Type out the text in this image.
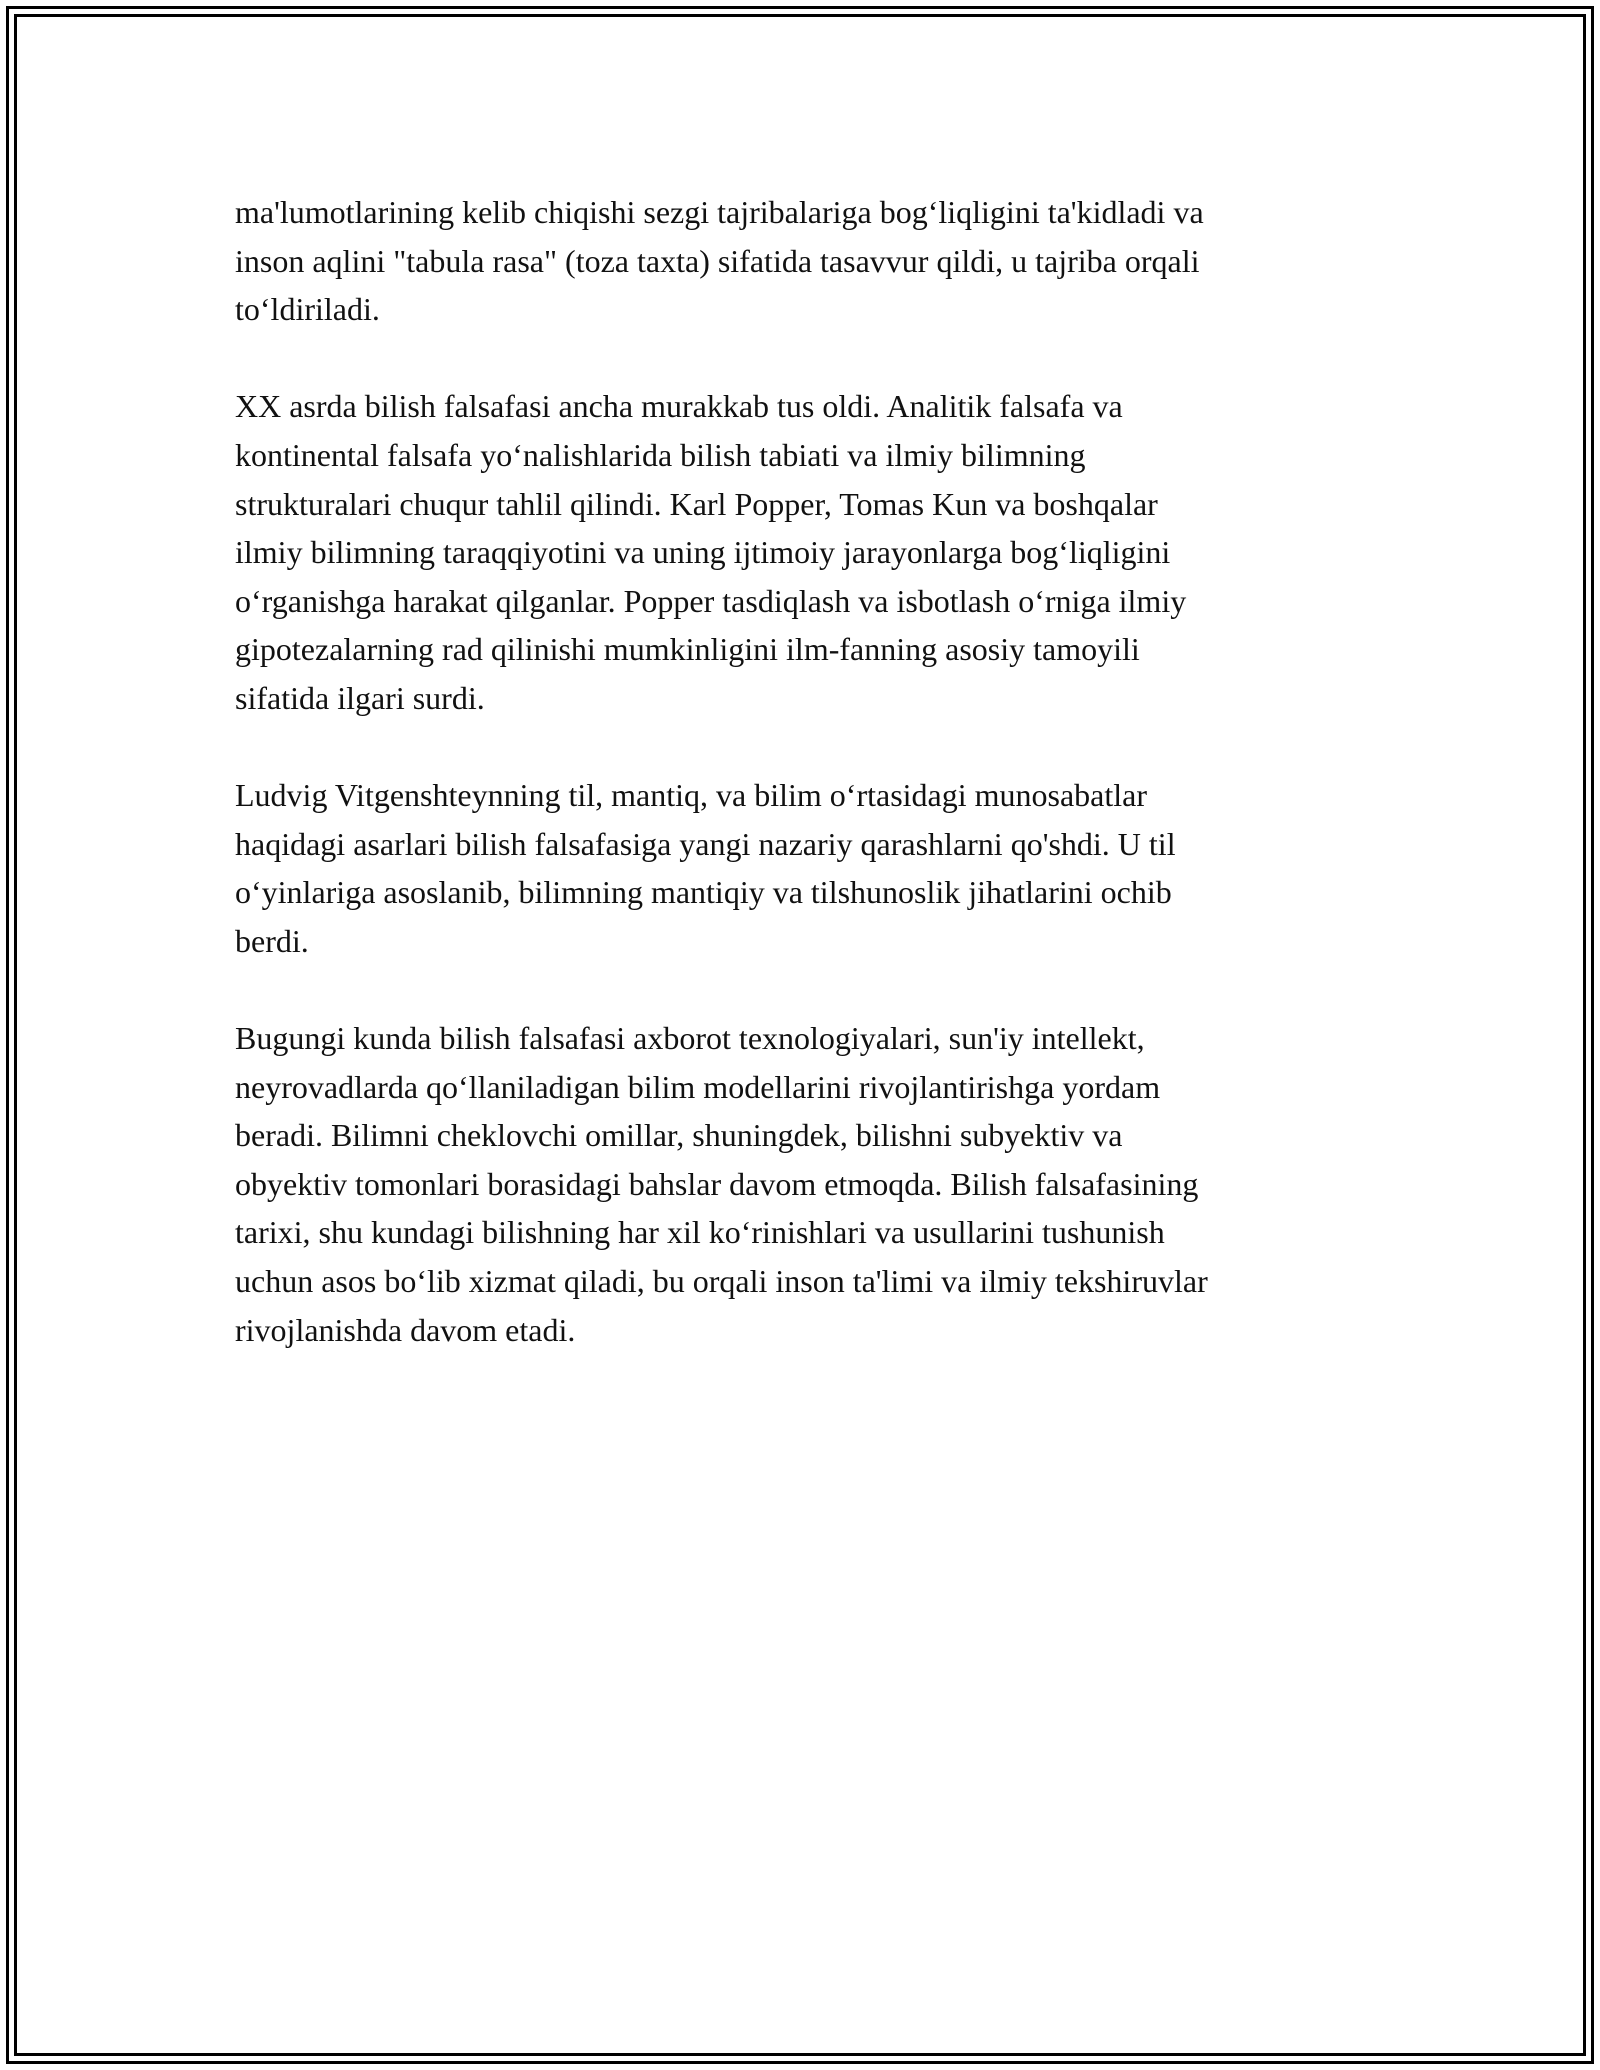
ma'lumotlarining kelib chiqishi sezgi tajribalariga bog‘liqligini ta'kidladi va
inson aqlini "tabula rasa" (toza taxta) sifatida tasavvur qildi, u tajriba orqali
to‘ldiriladi.

XX asrda bilish falsafasi ancha murakkab tus oldi. Analitik falsafa va
kontinental falsafa yo‘nalishlarida bilish tabiati va ilmiy bilimning
strukturalari chuqur tahlil qilindi. Karl Popper, Tomas Kun va boshqalar
ilmiy bilimning taraqqiyotini va uning ijtimoiy jarayonlarga bog‘liqligini
o‘rganishga harakat qilganlar. Popper tasdiqlash va isbotlash o‘rniga ilmiy
gipotezalarning rad qilinishi mumkinligini ilm-fanning asosiy tamoyili
sifatida ilgari surdi.

Ludvig Vitgenshteynning til, mantiq, va bilim o‘rtasidagi munosabatlar
haqidagi asarlari bilish falsafasiga yangi nazariy qarashlarni qo'shdi. U til
o‘yinlariga asoslanib, bilimning mantiqiy va tilshunoslik jihatlarini ochib
berdi.

Bugungi kunda bilish falsafasi axborot texnologiyalari, sun'iy intellekt,
neyrovadlarda qo‘llaniladigan bilim modellarini rivojlantirishga yordam
beradi. Bilimni cheklovchi omillar, shuningdek, bilishni subyektiv va
obyektiv tomonlari borasidagi bahslar davom etmoqda. Bilish falsafasining
tarixi, shu kundagi bilishning har xil ko‘rinishlari va usullarini tushunish
uchun asos bo‘lib xizmat qiladi, bu orqali inson ta'limi va ilmiy tekshiruvlar
rivojlanishda davom etadi.
